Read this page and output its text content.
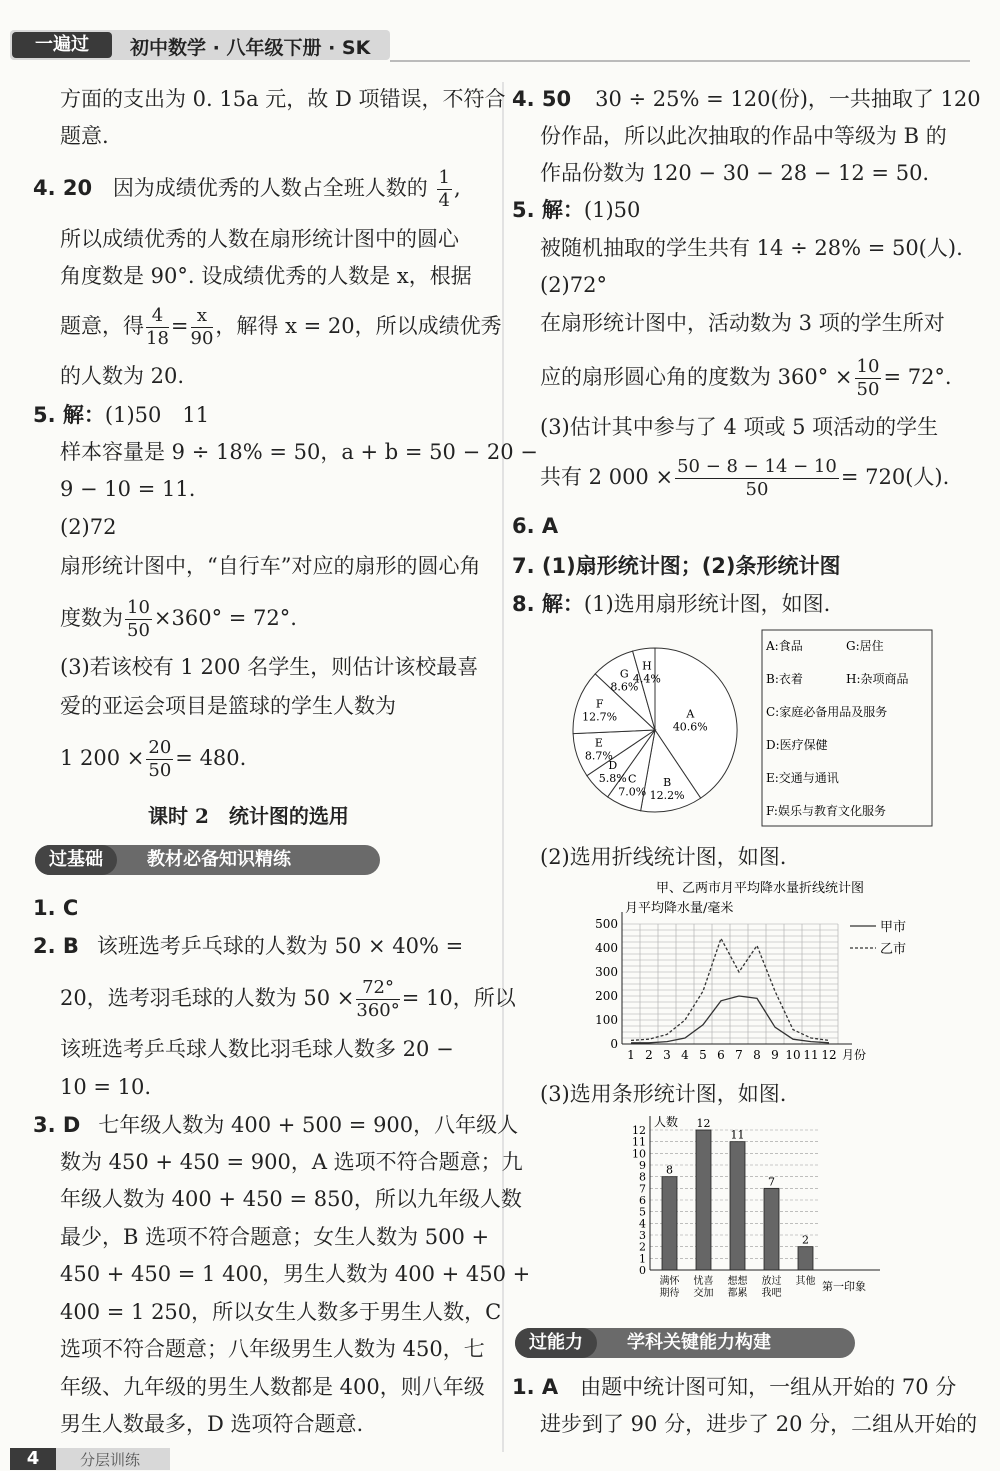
一遍过	初中数学 · 八年级下册 · SK
方面的支出为 0. 15a 元，故 D 项错误，不符合
题意.
4. 20 因为成绩优秀的人数占全班人数的 $\frac{1}{4}$ ,
所以成绩优秀的人数在扇形统计图中的圆心
角度数是 90°. 设成绩优秀的人数是 x，根据
题意，得 $\frac{4}{18} = \frac{x}{90}$ ，解得 x = 20，所以成绩优秀
的人数为 20.
5. 解：(1)50　11
样本容量是 9 ÷ 18% = 50，a + b = 50 − 20 −
9 − 10 = 11.
(2)72
扇形统计图中，“自行车”对应的扇形的圆心角
度数为 $\frac{10}{50} \times 360^\circ = 72^\circ$.
(3)若该校有 1 200 名学生，则估计该校最喜
爱的亚运会项目是篮球的学生人数为
1 $200 \times \frac{20}{50} = 480$.
课时 2　统计图的选用
过基础 教材必备知识精练
1. C
2. B 该班选考乒乓球的人数为 50 × 40% =
20，选考羽毛球的人数为 $50 \times \frac{72^\circ}{360^\circ} = 10$，所以
该班选考乒乓球人数比羽毛球人数多 20 −
10 = 10.
3. D 七年级人数为 400 + 500 = 900，八年级人
数为 450 + 450 = 900，A 选项不符合题意；九
年级人数为 400 + 450 = 850，所以九年级人数
最少，B 选项不符合题意；女生人数为 500 +
450 + 450 = 1 400，男生人数为 400 + 450 +
400 = 1 250，所以女生人数多于男生人数，C
选项不符合题意；八年级男生人数为 450，七
年级、九年级的男生人数都是 400，则八年级
男生人数最多，D 选项符合题意.
4. 50 30 ÷ 25% = 120(份)，一共抽取了 120
份作品，所以此次抽取的作品中等级为 B 的
作品份数为 120 − 30 − 28 − 12 = 50.
5. 解：(1)50
被随机抽取的学生共有 14 ÷ 28% = 50(人).
(2)72°
在扇形统计图中，活动数为 3 项的学生所对
应的扇形圆心角的度数为 $360^\circ \times \frac{10}{50} = 72^\circ$.
(3)估计其中参与了 4 项或 5 项活动的学生
共有 2 $000 \times \frac{50 - 8 - 14 - 10}{50} = 720$(人).
6. A
7. (1)扇形统计图；(2)条形统计图
8. 解：(1)选用扇形统计图，如图.
A
40.6%
B
12.2%
C
7.0%
D
5.8%
E
8.7%
F
12.7%
G
8.6%
H
4.4%
A:食品	G:居住
B:衣着	H:杂项商品
C:家庭必备用品及服务
D:医疗保健
E:交通与通讯
F:娱乐与教育文化服务
(2)选用折线统计图，如图.
甲、乙两市月平均降水量折线统计图
月平均降水量/毫米
0
100
200
300
400
500
1 2 3 4 5 6 7 8 9 10 11 12 月份
甲市
乙市
(3)选用条形统计图，如图.
1
2
3
4
5
6
7
8
9
10
11
12
0
人数
第一印象
8
满怀
期待
12
忧喜
交加
11
想想
都累
7
放过
我吧
2
其他
过能力 学科关键能力构建
1. A 由题中统计图可知，一组从开始的 70 分
进步到了 90 分，进步了 20 分，二组从开始的
4	分层训练
